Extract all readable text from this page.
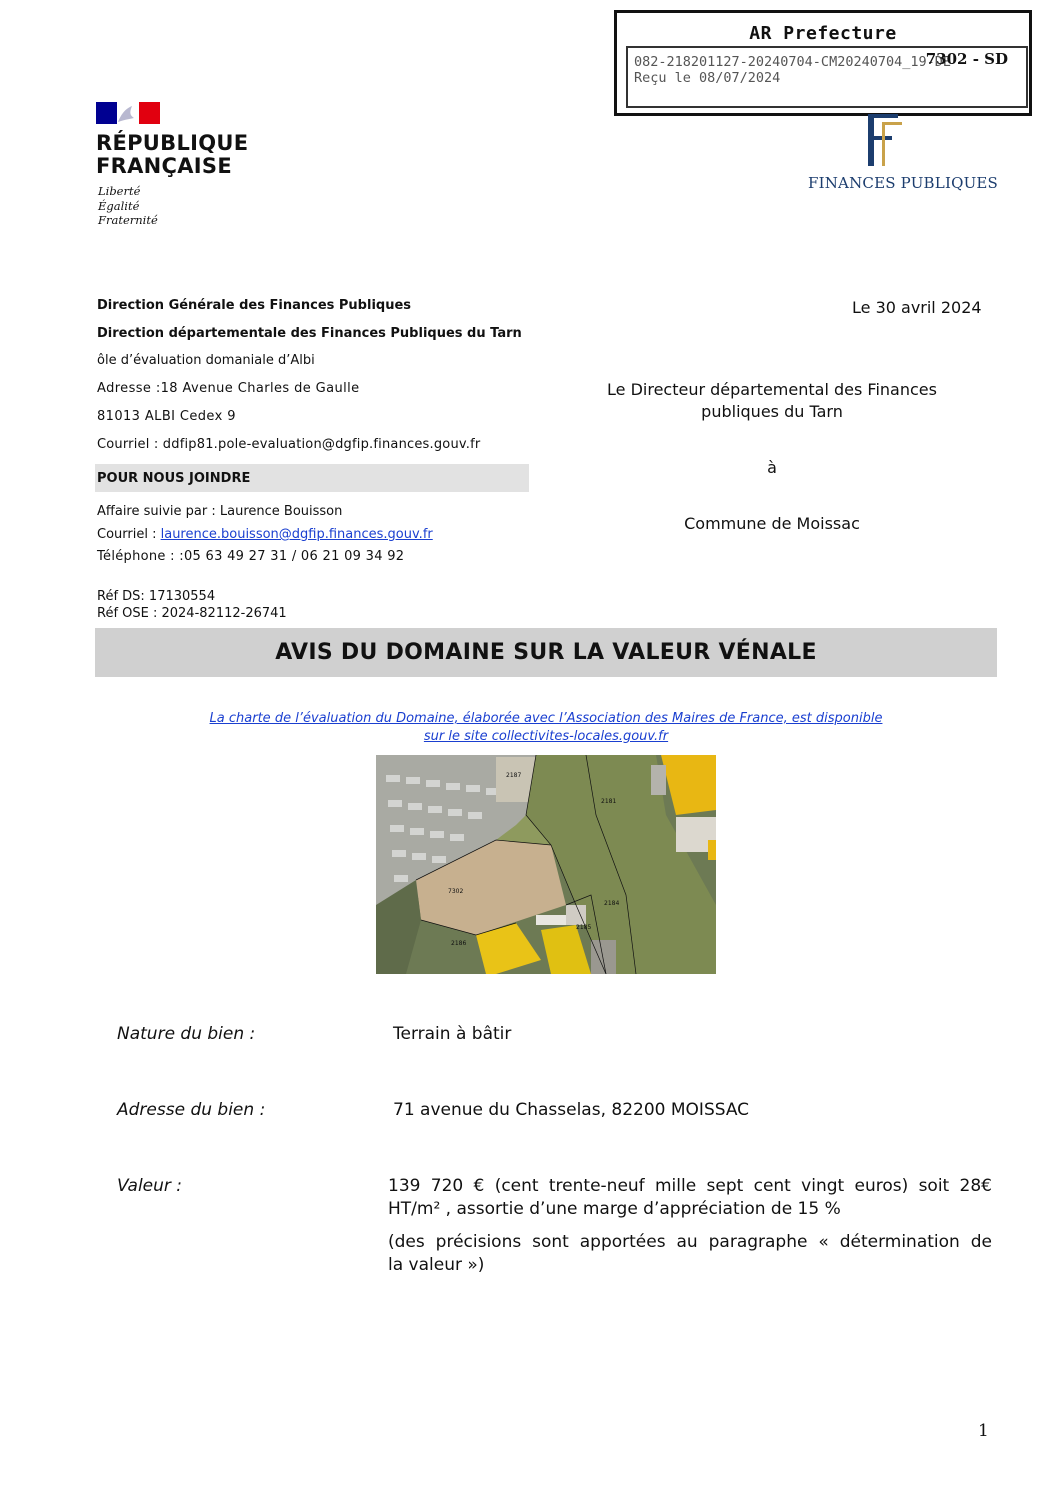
AR Prefecture
082-218201127-20240704-CM20240704_19-DE
Reçu le 08/07/2024
7302 - SD
RÉPUBLIQUE
FRANÇAISE
Liberté
Égalité
Fraternité
FINANCES PUBLIQUES
Direction Générale des Finances Publiques
Direction départementale des Finances Publiques du Tarn
ôle d’évaluation domaniale d’Albi
Adresse :18 Avenue Charles de Gaulle
81013 ALBI Cedex 9
Courriel : ddfip81.pole-evaluation@dgfip.finances.gouv.fr
POUR NOUS JOINDRE
Affaire suivie par : Laurence Bouisson
Courriel : laurence.bouisson@dgfip.finances.gouv.fr
Téléphone : :05 63 49 27 31 / 06 21 09 34 92
Réf DS: 17130554
Réf OSE : 2024-82112-26741
Le 30 avril 2024
Le Directeur départemental des Finances
publiques du Tarn
à
Commune de Moissac
AVIS DU DOMAINE SUR LA VALEUR VÉNALE
La charte de l’évaluation du Domaine, élaborée avec l’Association des Maires de France, est disponible
sur le site collectivites-locales.gouv.fr
7302
2181
2184
2185
2186
2187
Nature du bien :	Terrain à bâtir
Adresse du bien :	71 avenue du Chasselas, 82200 MOISSAC
Valeur :	139 720 € (cent trente-neuf mille sept cent vingt euros) soit 28€
HT/m² , assortie d’une marge d’appréciation de 15 %
(des précisions sont apportées au paragraphe « détermination de
la valeur »)
1
